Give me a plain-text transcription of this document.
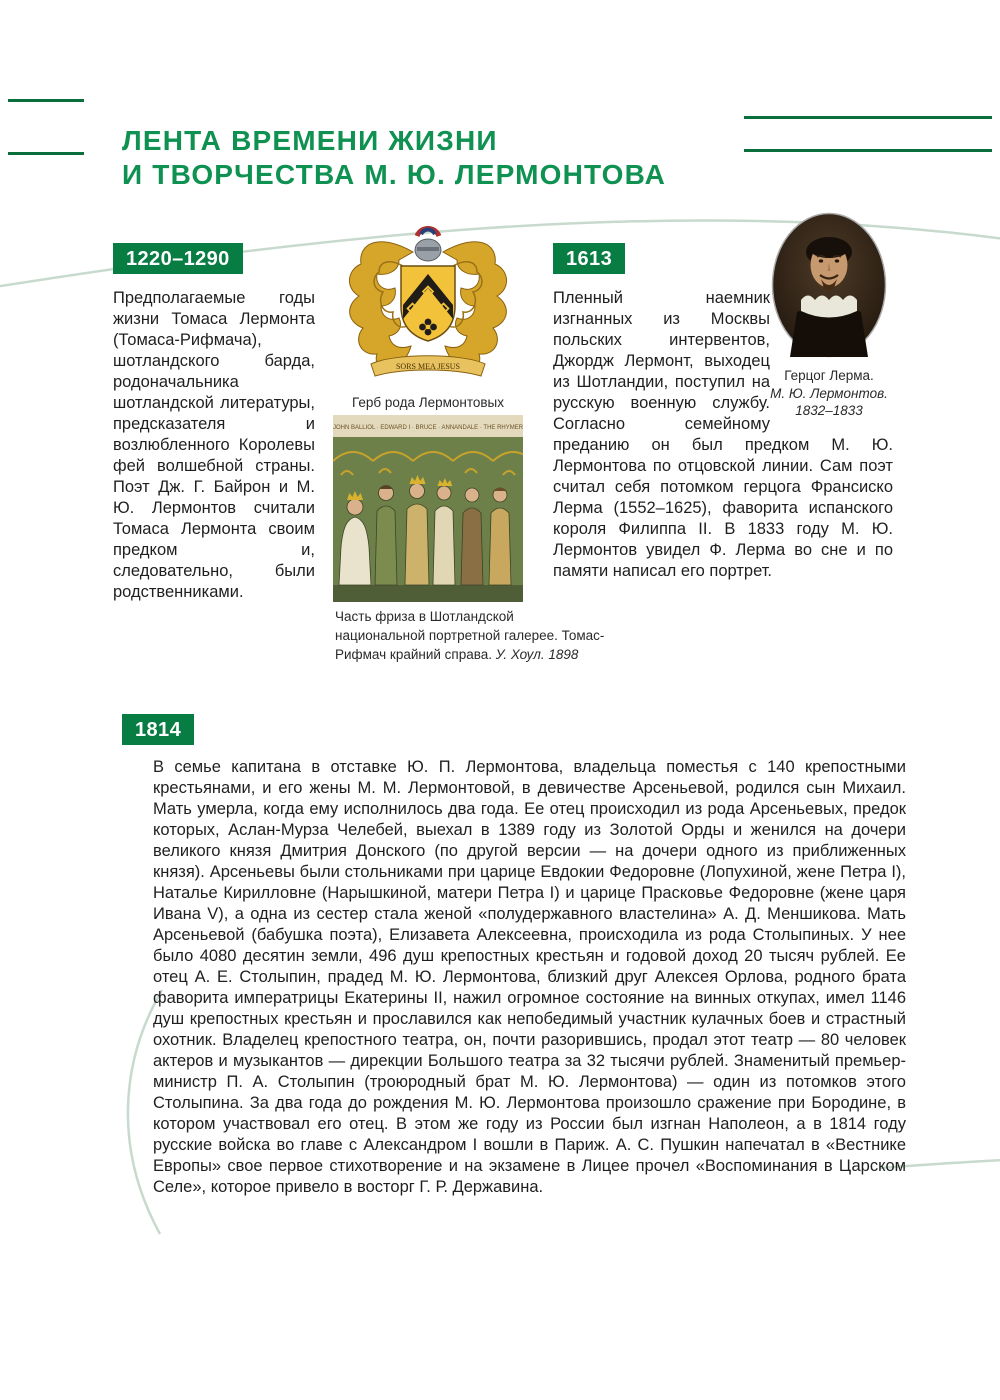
ЛЕНТА ВРЕМЕНИ ЖИЗНИ
И ТВОРЧЕСТВА М. Ю. ЛЕРМОНТОВА
1220–1290

Предполагаемые годы жизни Томаса Лермонта (Томаса-Рифмача), шотландского барда, родоначальника шотландской литературы, предсказателя и возлюбленного Королевы фей волшебной страны. Поэт Дж. Г. Байрон и М. Ю. Лермонтов считали Томаса Лермонта своим предком и, следовательно, были родственниками.

SORS MEA JESUS
Герб рода Лермонтовых
JOHN BALLIOL · EDWARD I · BRUCE · ANNANDALE · THE RHYMER
Часть фриза в Шотландской национальной портретной галерее. Томас-Рифмач крайний справа. У. Хоул. 1898
1613

Пленный наемник изгнанных из Москвы польских интервентов, Джордж Лермонт, выходец из Шотландии, поступил на русскую военную службу. Согласно семейному преданию он был предком М. Ю. Лермонтова по отцовской линии. Сам поэт считал себя потомком герцога Франсиско Лерма (1552–1625), фаворита испанского короля Филиппа II. В 1833 году М. Ю. Лермонтов увидел Ф. Лерма во сне и по памяти написал его портрет.

Герцог Лерма.
М. Ю. Лермонтов.
1832–1833
1814

В семье капитана в отставке Ю. П. Лермонтова, владельца поместья с 140 крепостными крестьянами, и его жены М. М. Лермонтовой, в девичестве Арсеньевой, родился сын Михаил. Мать умерла, когда ему исполнилось два года. Ее отец происходил из рода Арсеньевых, предок которых, Аслан-Мурза Челебей, выехал в 1389 году из Золотой Орды и женился на дочери великого князя Дмитрия Донского (по другой версии — на дочери одного из приближенных князя). Арсеньевы были стольниками при царице Евдокии Федоровне (Лопухиной, жене Петра I), Наталье Кирилловне (Нарышкиной, матери Петра I) и царице Прасковье Федоровне (жене царя Ивана V), а одна из сестер стала женой «полудержавного властелина» А. Д. Меншикова. Мать Арсеньевой (бабушка поэта), Елизавета Алексеевна, происходила из рода Столыпиных. У нее было 4080 десятин земли, 496 душ крепостных крестьян и годовой доход 20 тысяч рублей. Ее отец А. Е. Столыпин, прадед М. Ю. Лермонтова, близкий друг Алексея Орлова, родного брата фаворита императрицы Екатерины II, нажил огромное состояние на винных откупах, имел 1146 душ крепостных крестьян и прославился как непобедимый участник кулачных боев и страстный охотник. Владелец крепостного театра, он, почти разорившись, продал этот театр — 80 человек актеров и музыкантов — дирекции Большого театра за 32 тысячи рублей. Знаменитый премьер-министр П. А. Столыпин (троюродный брат М. Ю. Лермонтова) — один из потомков этого Столыпина. За два года до рождения М. Ю. Лермонтова произошло сражение при Бородине, в котором участвовал его отец. В этом же году из России был изгнан Наполеон, а в 1814 году русские войска во главе с Александром I вошли в Париж. А. С. Пушкин напечатал в «Вестнике Европы» свое первое стихотворение и на экзамене в Лицее прочел «Воспоминания в Царском Селе», которое привело в восторг Г. Р. Державина.
